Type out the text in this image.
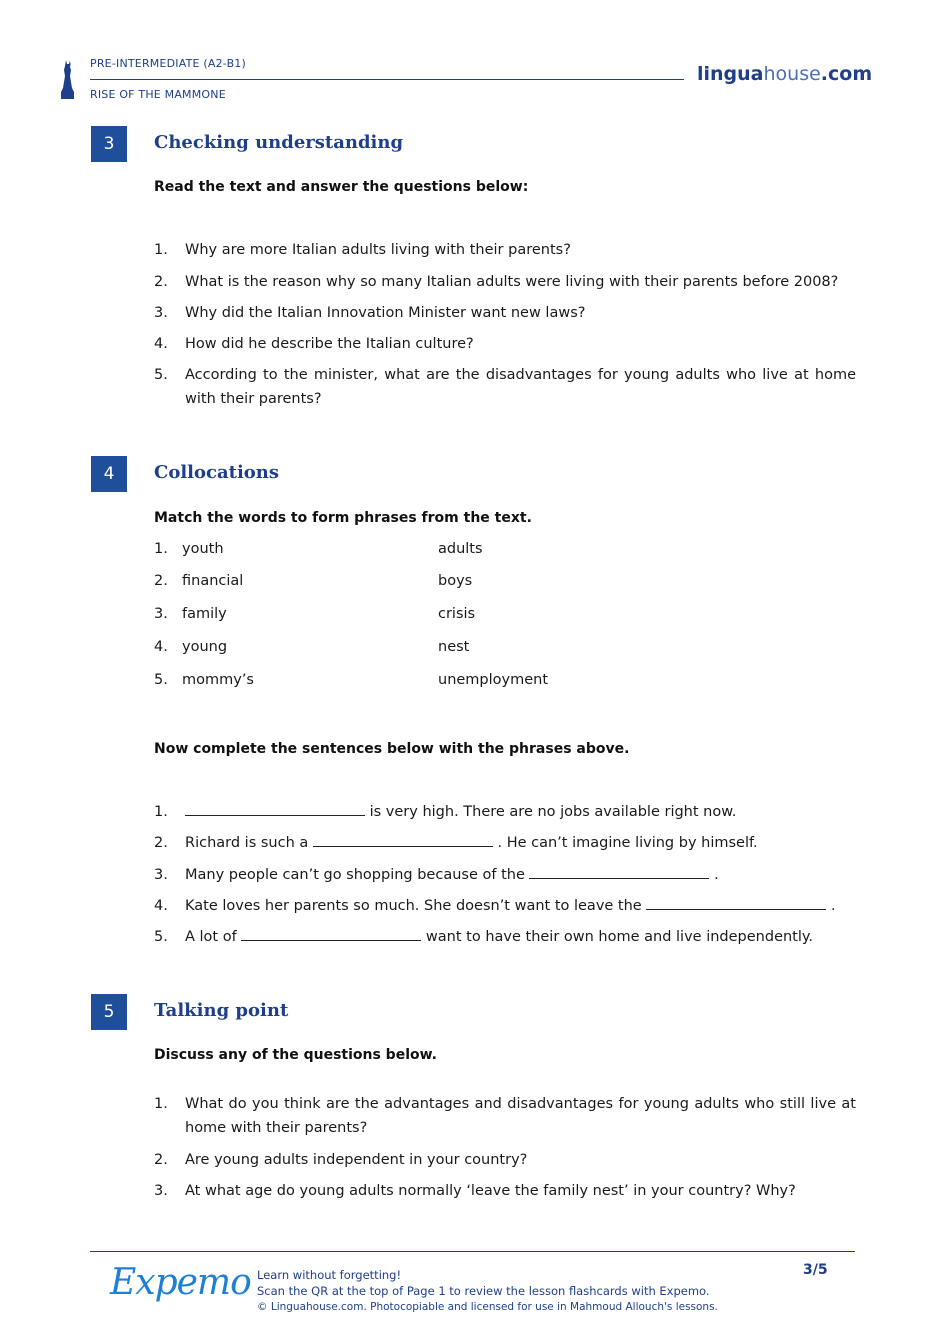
PRE-INTERMEDIATE (A2-B1)
RISE OF THE MAMMONE
linguahouse.com
3	Checking understanding
Read the text and answer the questions below:
1.	Why are more Italian adults living with their parents?
2.	What is the reason why so many Italian adults were living with their parents before 2008?
3.	Why did the Italian Innovation Minister want new laws?
4.	How did he describe the Italian culture?
5.	According to the minister, what are the disadvantages for young adults who live at home with their parents?
4	Collocations
Match the words to form phrases from the text.
1. youth	adults
2. financial	boys
3. family	crisis
4. young	nest
5. mommy’s	unemployment
Now complete the sentences below with the phrases above.
1.	is very high. There are no jobs available right now.
2.	Richard is such a	. He can’t imagine living by himself.
3.	Many people can’t go shopping because of the	.
4.	Kate loves her parents so much. She doesn’t want to leave the	.
5.	A lot of	want to have their own home and live independently.
5	Talking point
Discuss any of the questions below.
1.	What do you think are the advantages and disadvantages for young adults who still live at home with their parents?
2.	Are young adults independent in your country?
3.	At what age do young adults normally ‘leave the family nest’ in your country? Why?
Expemo Learn without forgetting!
Scan the QR at the top of Page 1 to review the lesson flashcards with Expemo.
© Linguahouse.com. Photocopiable and licensed for use in Mahmoud Allouch's lessons.
3/5
